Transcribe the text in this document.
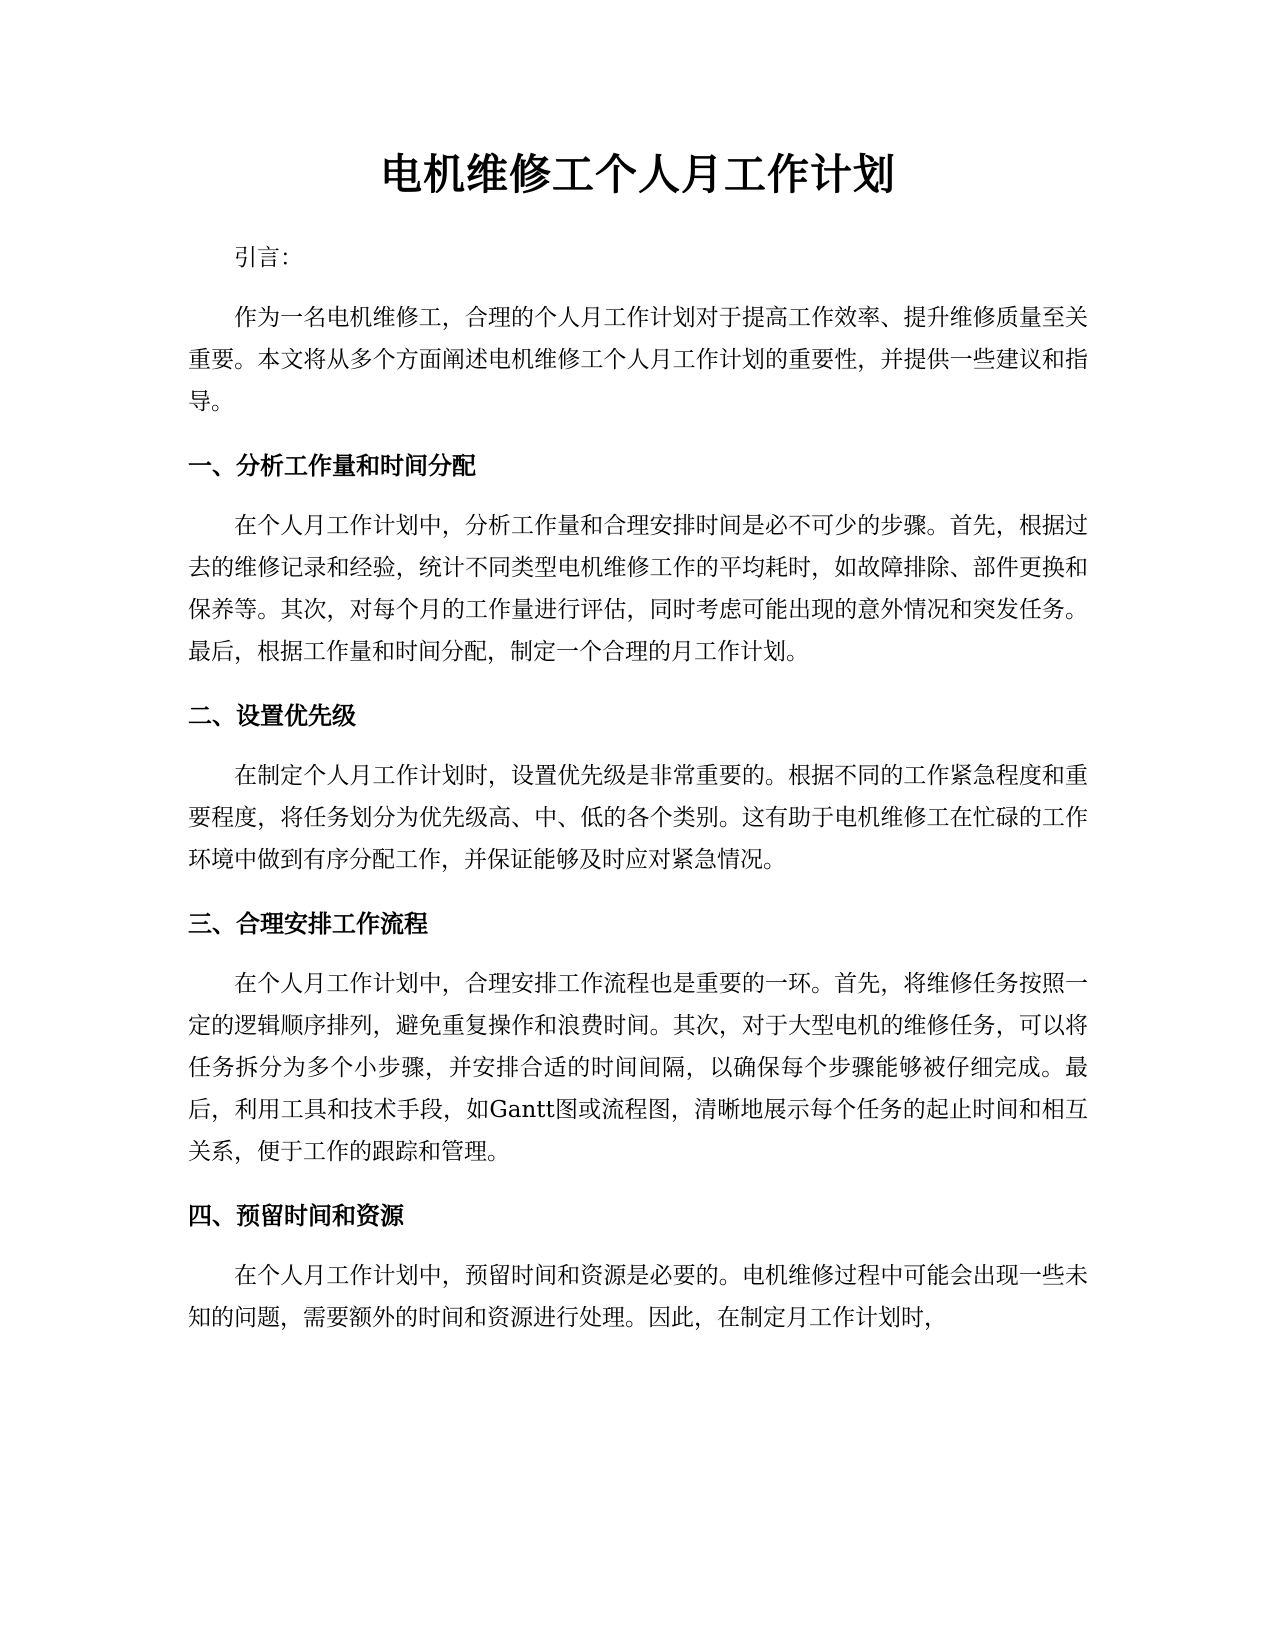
电机维修工个人月工作计划

引言：

作为一名电机维修工，合理的个人月工作计划对于提高工作效率、提升维修质量至关重要。本文将从多个方面阐述电机维修工个人月工作计划的重要性，并提供一些建议和指导。

一、分析工作量和时间分配

在个人月工作计划中，分析工作量和合理安排时间是必不可少的步骤。首先，根据过去的维修记录和经验，统计不同类型电机维修工作的平均耗时，如故障排除、部件更换和保养等。其次，对每个月的工作量进行评估，同时考虑可能出现的意外情况和突发任务。最后，根据工作量和时间分配，制定一个合理的月工作计划。

二、设置优先级

在制定个人月工作计划时，设置优先级是非常重要的。根据不同的工作紧急程度和重要程度，将任务划分为优先级高、中、低的各个类别。这有助于电机维修工在忙碌的工作环境中做到有序分配工作，并保证能够及时应对紧急情况。

三、合理安排工作流程

在个人月工作计划中，合理安排工作流程也是重要的一环。首先，将维修任务按照一定的逻辑顺序排列，避免重复操作和浪费时间。其次，对于大型电机的维修任务，可以将任务拆分为多个小步骤，并安排合适的时间间隔，以确保每个步骤能够被仔细完成。最后，利用工具和技术手段，如Gantt图或流程图，清晰地展示每个任务的起止时间和相互关系，便于工作的跟踪和管理。

四、预留时间和资源

在个人月工作计划中，预留时间和资源是必要的。电机维修过程中可能会出现一些未知的问题，需要额外的时间和资源进行处理。因此，在制定月工作计划时，
